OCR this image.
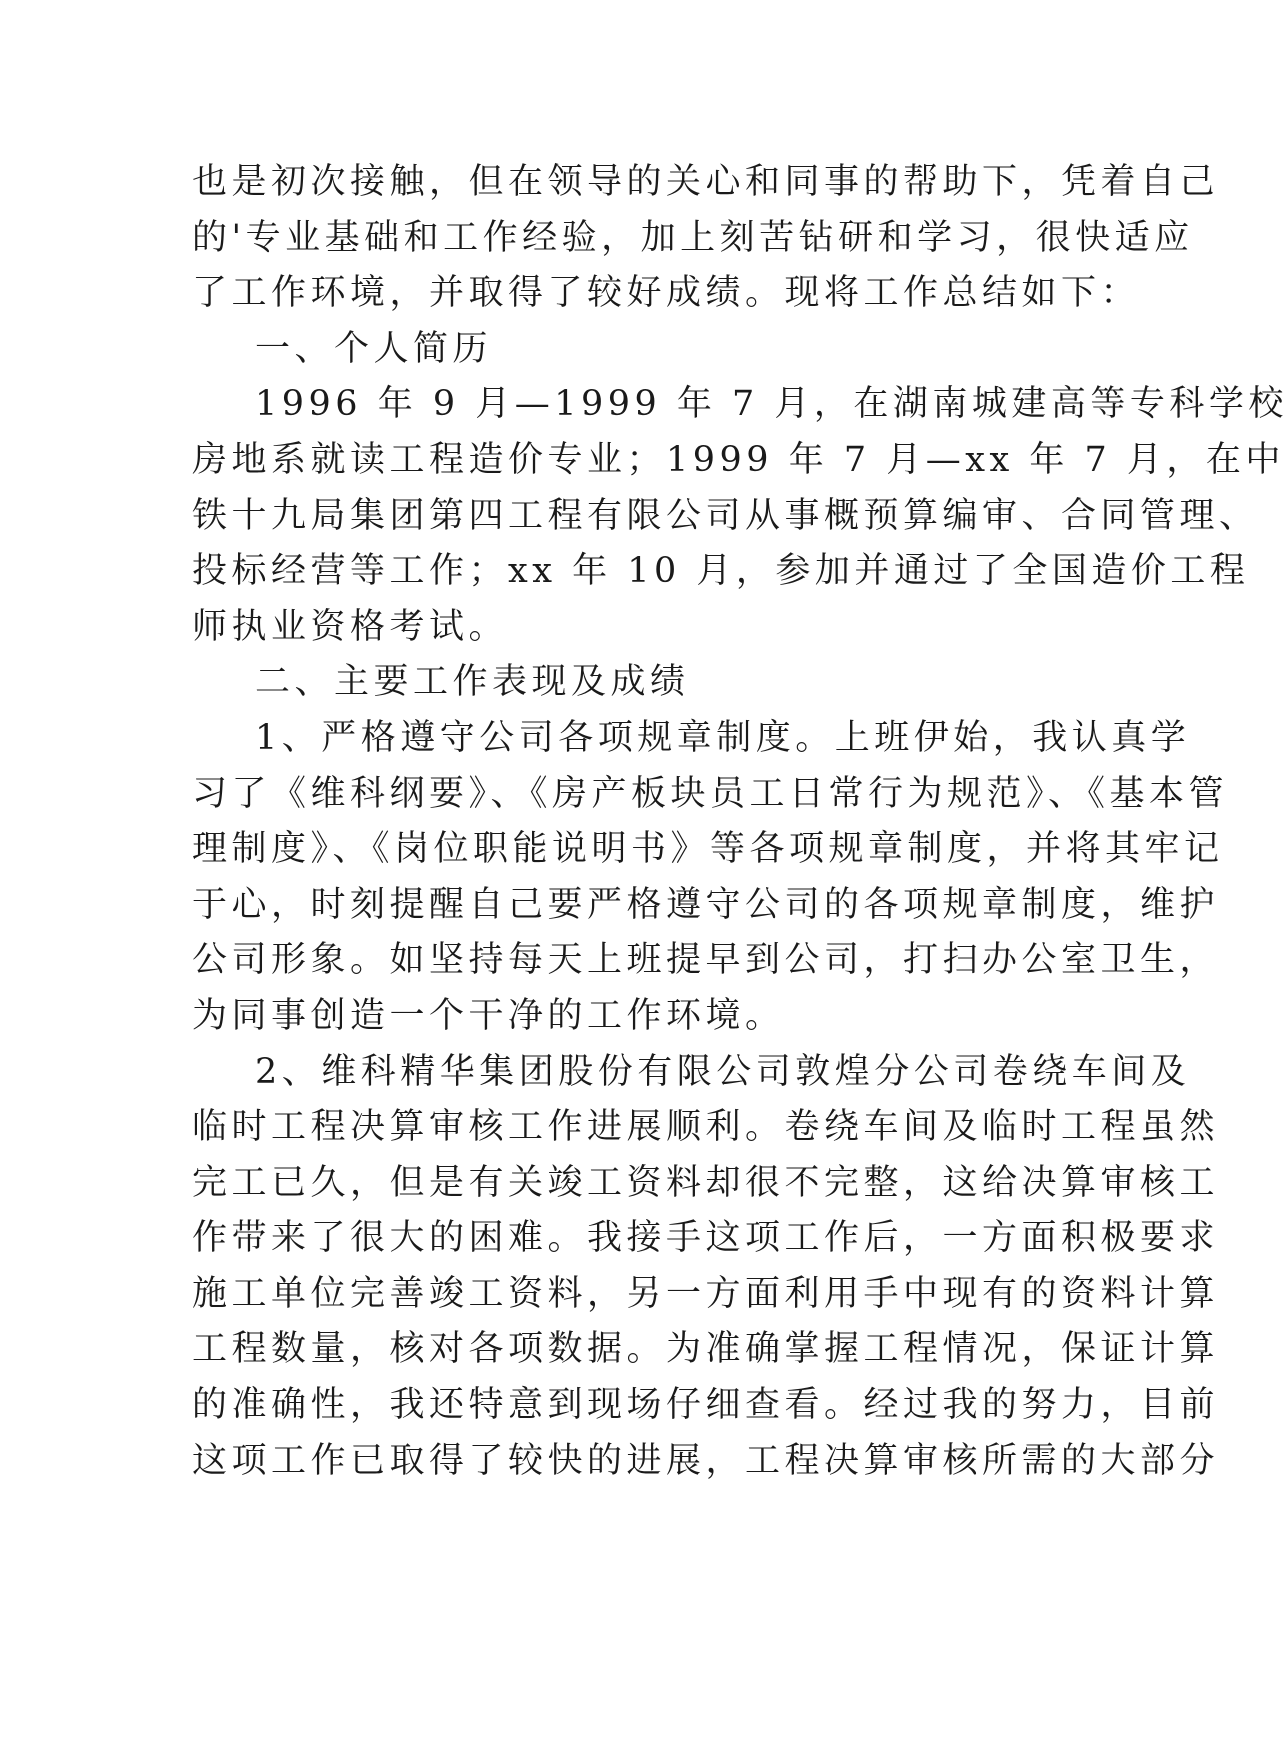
也是初次接触，但在领导的关心和同事的帮助下，凭着自己

的'专业基础和工作经验，加上刻苦钻研和学习，很快适应

了工作环境，并取得了较好成绩。现将工作总结如下：

一、个人简历

1996 年 9 月—1999 年 7 月，在湖南城建高等专科学校

房地系就读工程造价专业；1999 年 7 月—xx 年 7 月，在中

铁十九局集团第四工程有限公司从事概预算编审、合同管理、

投标经营等工作；xx 年 10 月，参加并通过了全国造价工程

师执业资格考试。

二、主要工作表现及成绩

1、严格遵守公司各项规章制度。上班伊始，我认真学

习了《维科纲要》、《房产板块员工日常行为规范》、《基本管

理制度》、《岗位职能说明书》等各项规章制度，并将其牢记

于心，时刻提醒自己要严格遵守公司的各项规章制度，维护

公司形象。如坚持每天上班提早到公司，打扫办公室卫生，

为同事创造一个干净的工作环境。

2、维科精华集团股份有限公司敦煌分公司卷绕车间及

临时工程决算审核工作进展顺利。卷绕车间及临时工程虽然

完工已久，但是有关竣工资料却很不完整，这给决算审核工

作带来了很大的困难。我接手这项工作后，一方面积极要求

施工单位完善竣工资料，另一方面利用手中现有的资料计算

工程数量，核对各项数据。为准确掌握工程情况，保证计算

的准确性，我还特意到现场仔细查看。经过我的努力，目前

这项工作已取得了较快的进展，工程决算审核所需的大部分
